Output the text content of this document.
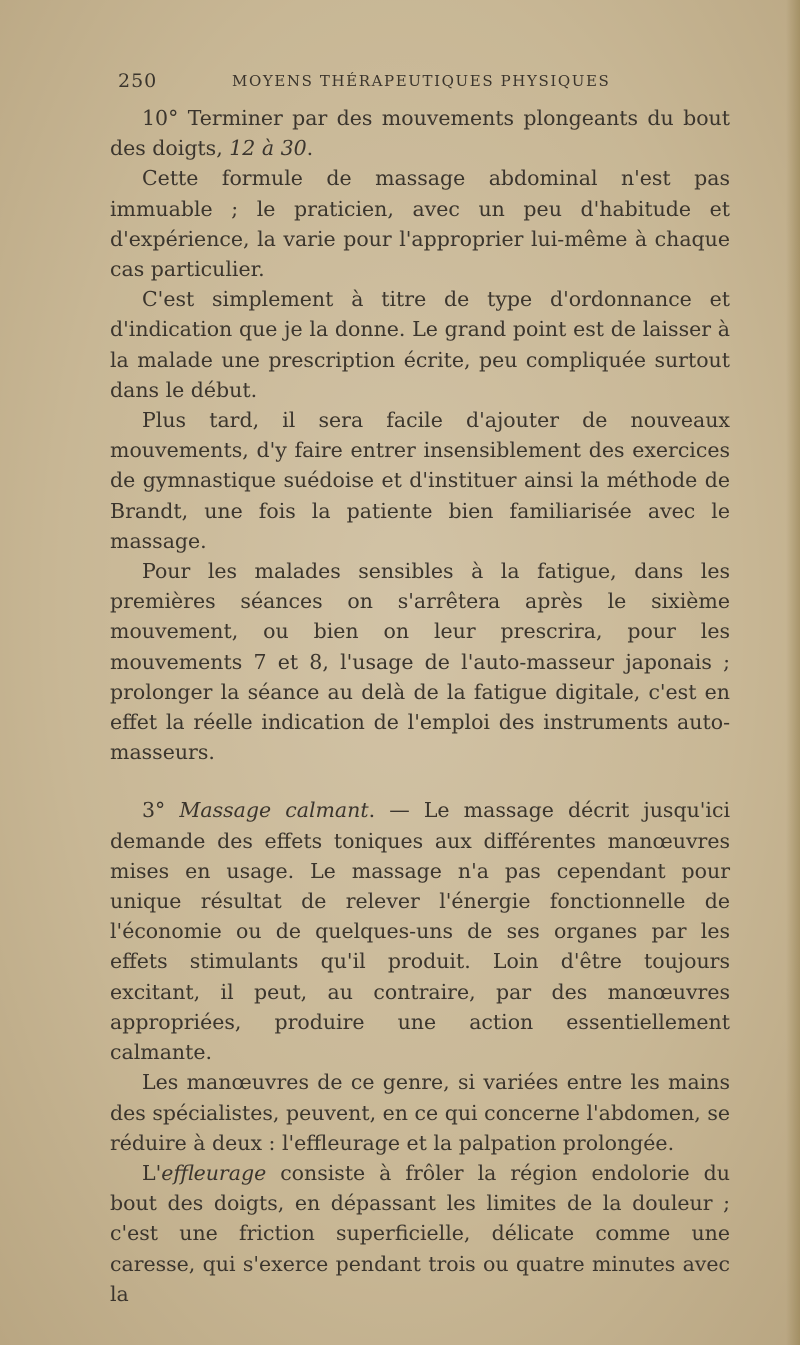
250	MOYENS THÉRAPEUTIQUES PHYSIQUES

10° Terminer par des mouvements plongeants du bout des doigts, 12 à 30.

Cette formule de massage abdominal n'est pas immuable ; le praticien, avec un peu d'habitude et d'expérience, la varie pour l'approprier lui-même à chaque cas particulier.

C'est simplement à titre de type d'ordonnance et d'indication que je la donne. Le grand point est de laisser à la malade une prescription écrite, peu compliquée surtout dans le début.

Plus tard, il sera facile d'ajouter de nouveaux mouvements, d'y faire entrer insensiblement des exercices de gymnastique suédoise et d'instituer ainsi la méthode de Brandt, une fois la patiente bien familiarisée avec le massage.

Pour les malades sensibles à la fatigue, dans les premières séances on s'arrêtera après le sixième mouvement, ou bien on leur prescrira, pour les mouvements 7 et 8, l'usage de l'auto-masseur japonais ; prolonger la séance au delà de la fatigue digitale, c'est en effet la réelle indication de l'emploi des instruments auto-masseurs.

3° Massage calmant. — Le massage décrit jusqu'ici demande des effets toniques aux différentes manœuvres mises en usage. Le massage n'a pas cependant pour unique résultat de relever l'énergie fonctionnelle de l'économie ou de quelques-uns de ses organes par les effets stimulants qu'il produit. Loin d'être toujours excitant, il peut, au contraire, par des manœuvres appropriées, produire une action essentiellement calmante.

Les manœuvres de ce genre, si variées entre les mains des spécialistes, peuvent, en ce qui concerne l'abdomen, se réduire à deux : l'effleurage et la palpation prolongée.

L'effleurage consiste à frôler la région endolorie du bout des doigts, en dépassant les limites de la douleur ; c'est une friction superficielle, délicate comme une caresse, qui s'exerce pendant trois ou quatre minutes avec la
